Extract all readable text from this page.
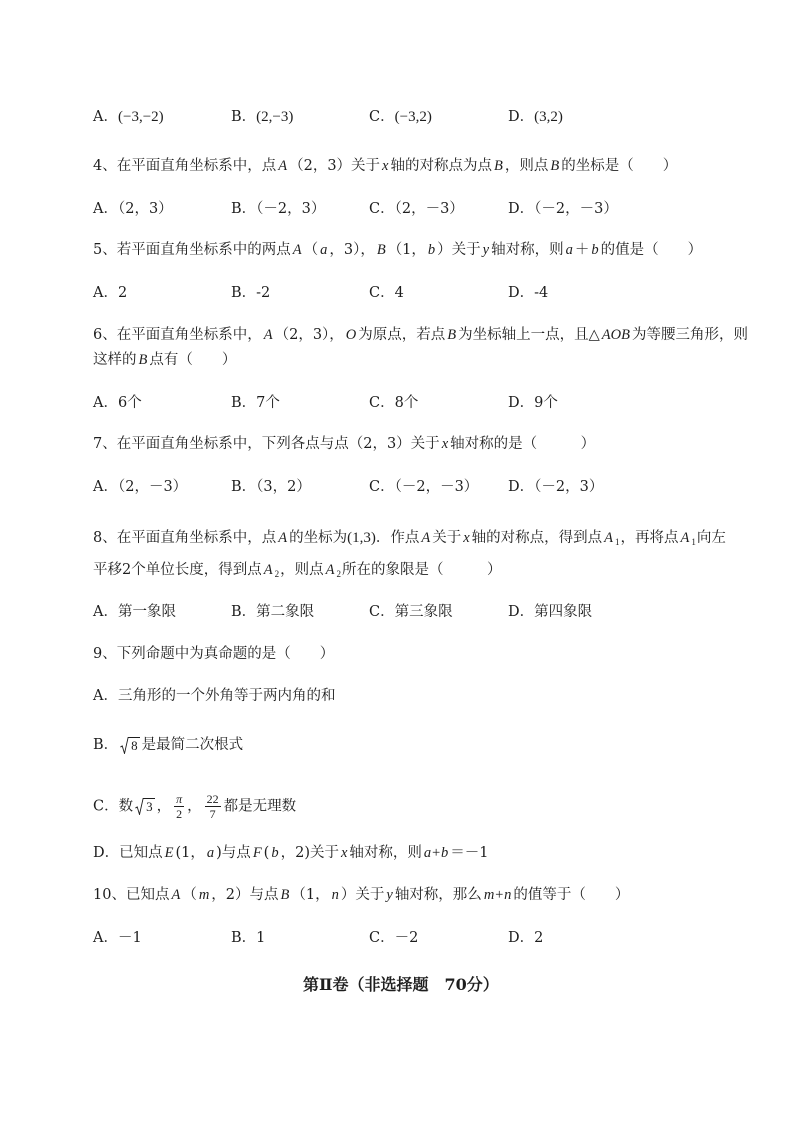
A．(−3,−2)	B．(2,−3)	C．(−3,2)	D．(3,2)
4、在平面直角坐标系中，点 A （2，3）关于 x 轴的对称点为点 B ，则点 B 的坐标是（　　）
A．（2，3）	B．（－2，3）	C．（2，－3）	D．（－2，－3）
5、若平面直角坐标系中的两点 A （ a ，3）， B （1， b ）关于 y 轴对称，则 a ＋ b 的值是（　　）
A．2	B．-2	C．4	D．-4
6、在平面直角坐标系中， A （2，3）， O 为原点，若点 B 为坐标轴上一点，且△ AOB 为等腰三角形，则
这样的 B 点有（　　）
A．6个	B．7个	C．8个	D．9个
7、在平面直角坐标系中，下列各点与点（2，3）关于 x 轴对称的是（　　　）
A．（2，－3）	B．（3，2）	C．（－2，－3） D．（－2，3）
8、在平面直角坐标系中，点 A 的坐标为(1,3)．作点 A 关于 x 轴的对称点，得到点 A $_1$，再将点 A $_1$向左
平移2个单位长度，得到点 A $_2$，则点 A $_2$所在的象限是（　　　）
A．第一象限	B．第二象限	C．第三象限	D．第四象限
9、下列命题中为真命题的是（　　）
A．三角形的一个外角等于两内角的和
B． 8 是最简二次根式
C．数 3 ， $\frac{\pi}{2}$ ， $\frac{22}{7}$ 都是无理数
D．已知点 E (1， a )与点 F ( b ，2)关于 x 轴对称，则 a+b ＝－1
10、已知点 A （ m ，2）与点 B （1， n ）关于 y 轴对称，那么 m+n 的值等于（　　）
A．－1	B．1	C．－2	D．2
第Ⅱ卷（非选择题　70分）
